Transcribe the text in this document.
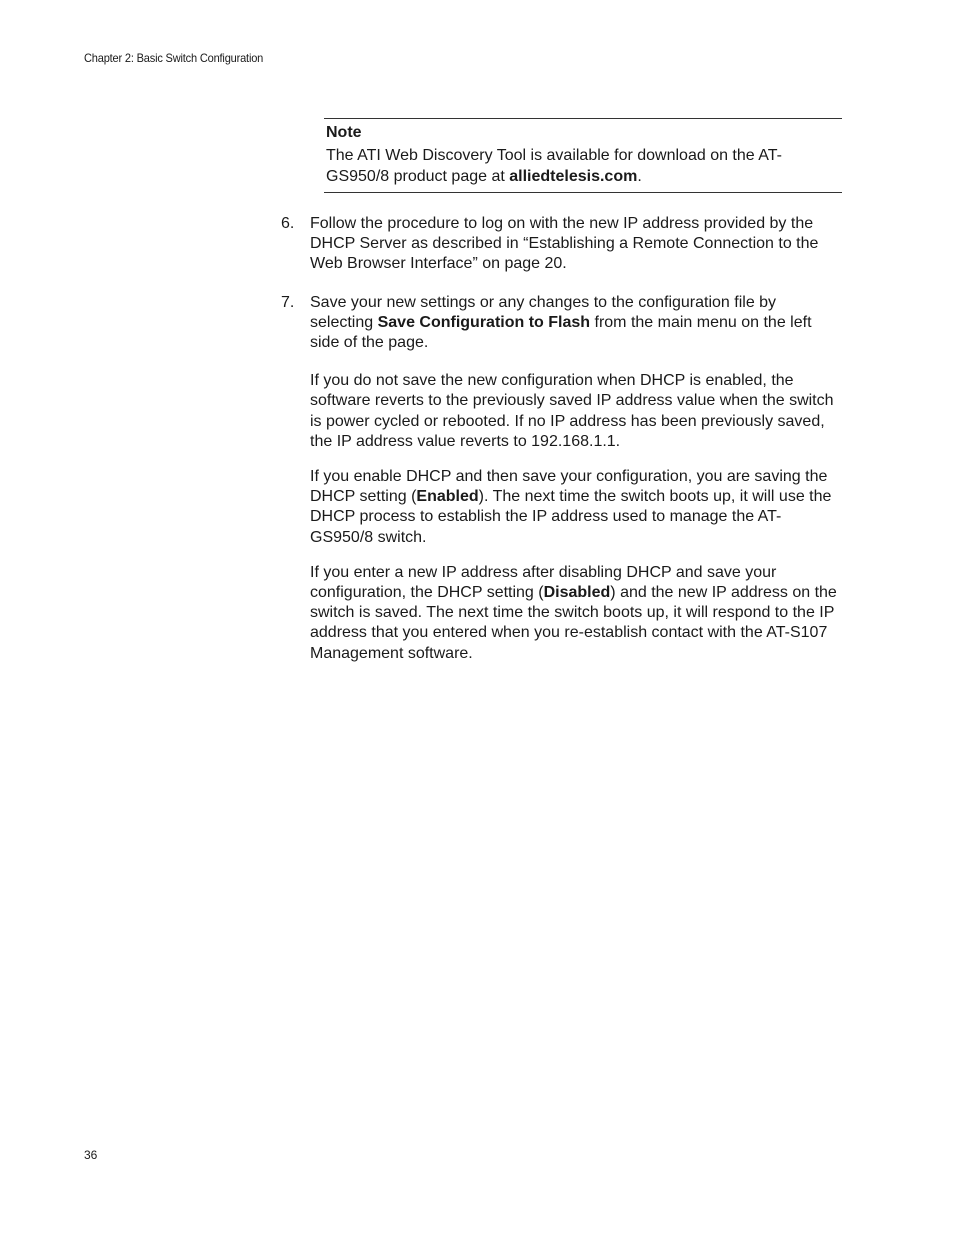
Chapter 2: Basic Switch Configuration
Note
The ATI Web Discovery Tool is available for download on the AT-GS950/8 product page at alliedtelesis.com.
6. Follow the procedure to log on with the new IP address provided by the DHCP Server as described in “Establishing a Remote Connection to the Web Browser Interface” on page 20.
7. Save your new settings or any changes to the configuration file by selecting Save Configuration to Flash from the main menu on the left side of the page.

If you do not save the new configuration when DHCP is enabled, the software reverts to the previously saved IP address value when the switch is power cycled or rebooted. If no IP address has been previously saved, the IP address value reverts to 192.168.1.1.

If you enable DHCP and then save your configuration, you are saving the DHCP setting (Enabled). The next time the switch boots up, it will use the DHCP process to establish the IP address used to manage the AT-GS950/8 switch.

If you enter a new IP address after disabling DHCP and save your configuration, the DHCP setting (Disabled) and the new IP address on the switch is saved. The next time the switch boots up, it will respond to the IP address that you entered when you re-establish contact with the AT-S107 Management software.

36
